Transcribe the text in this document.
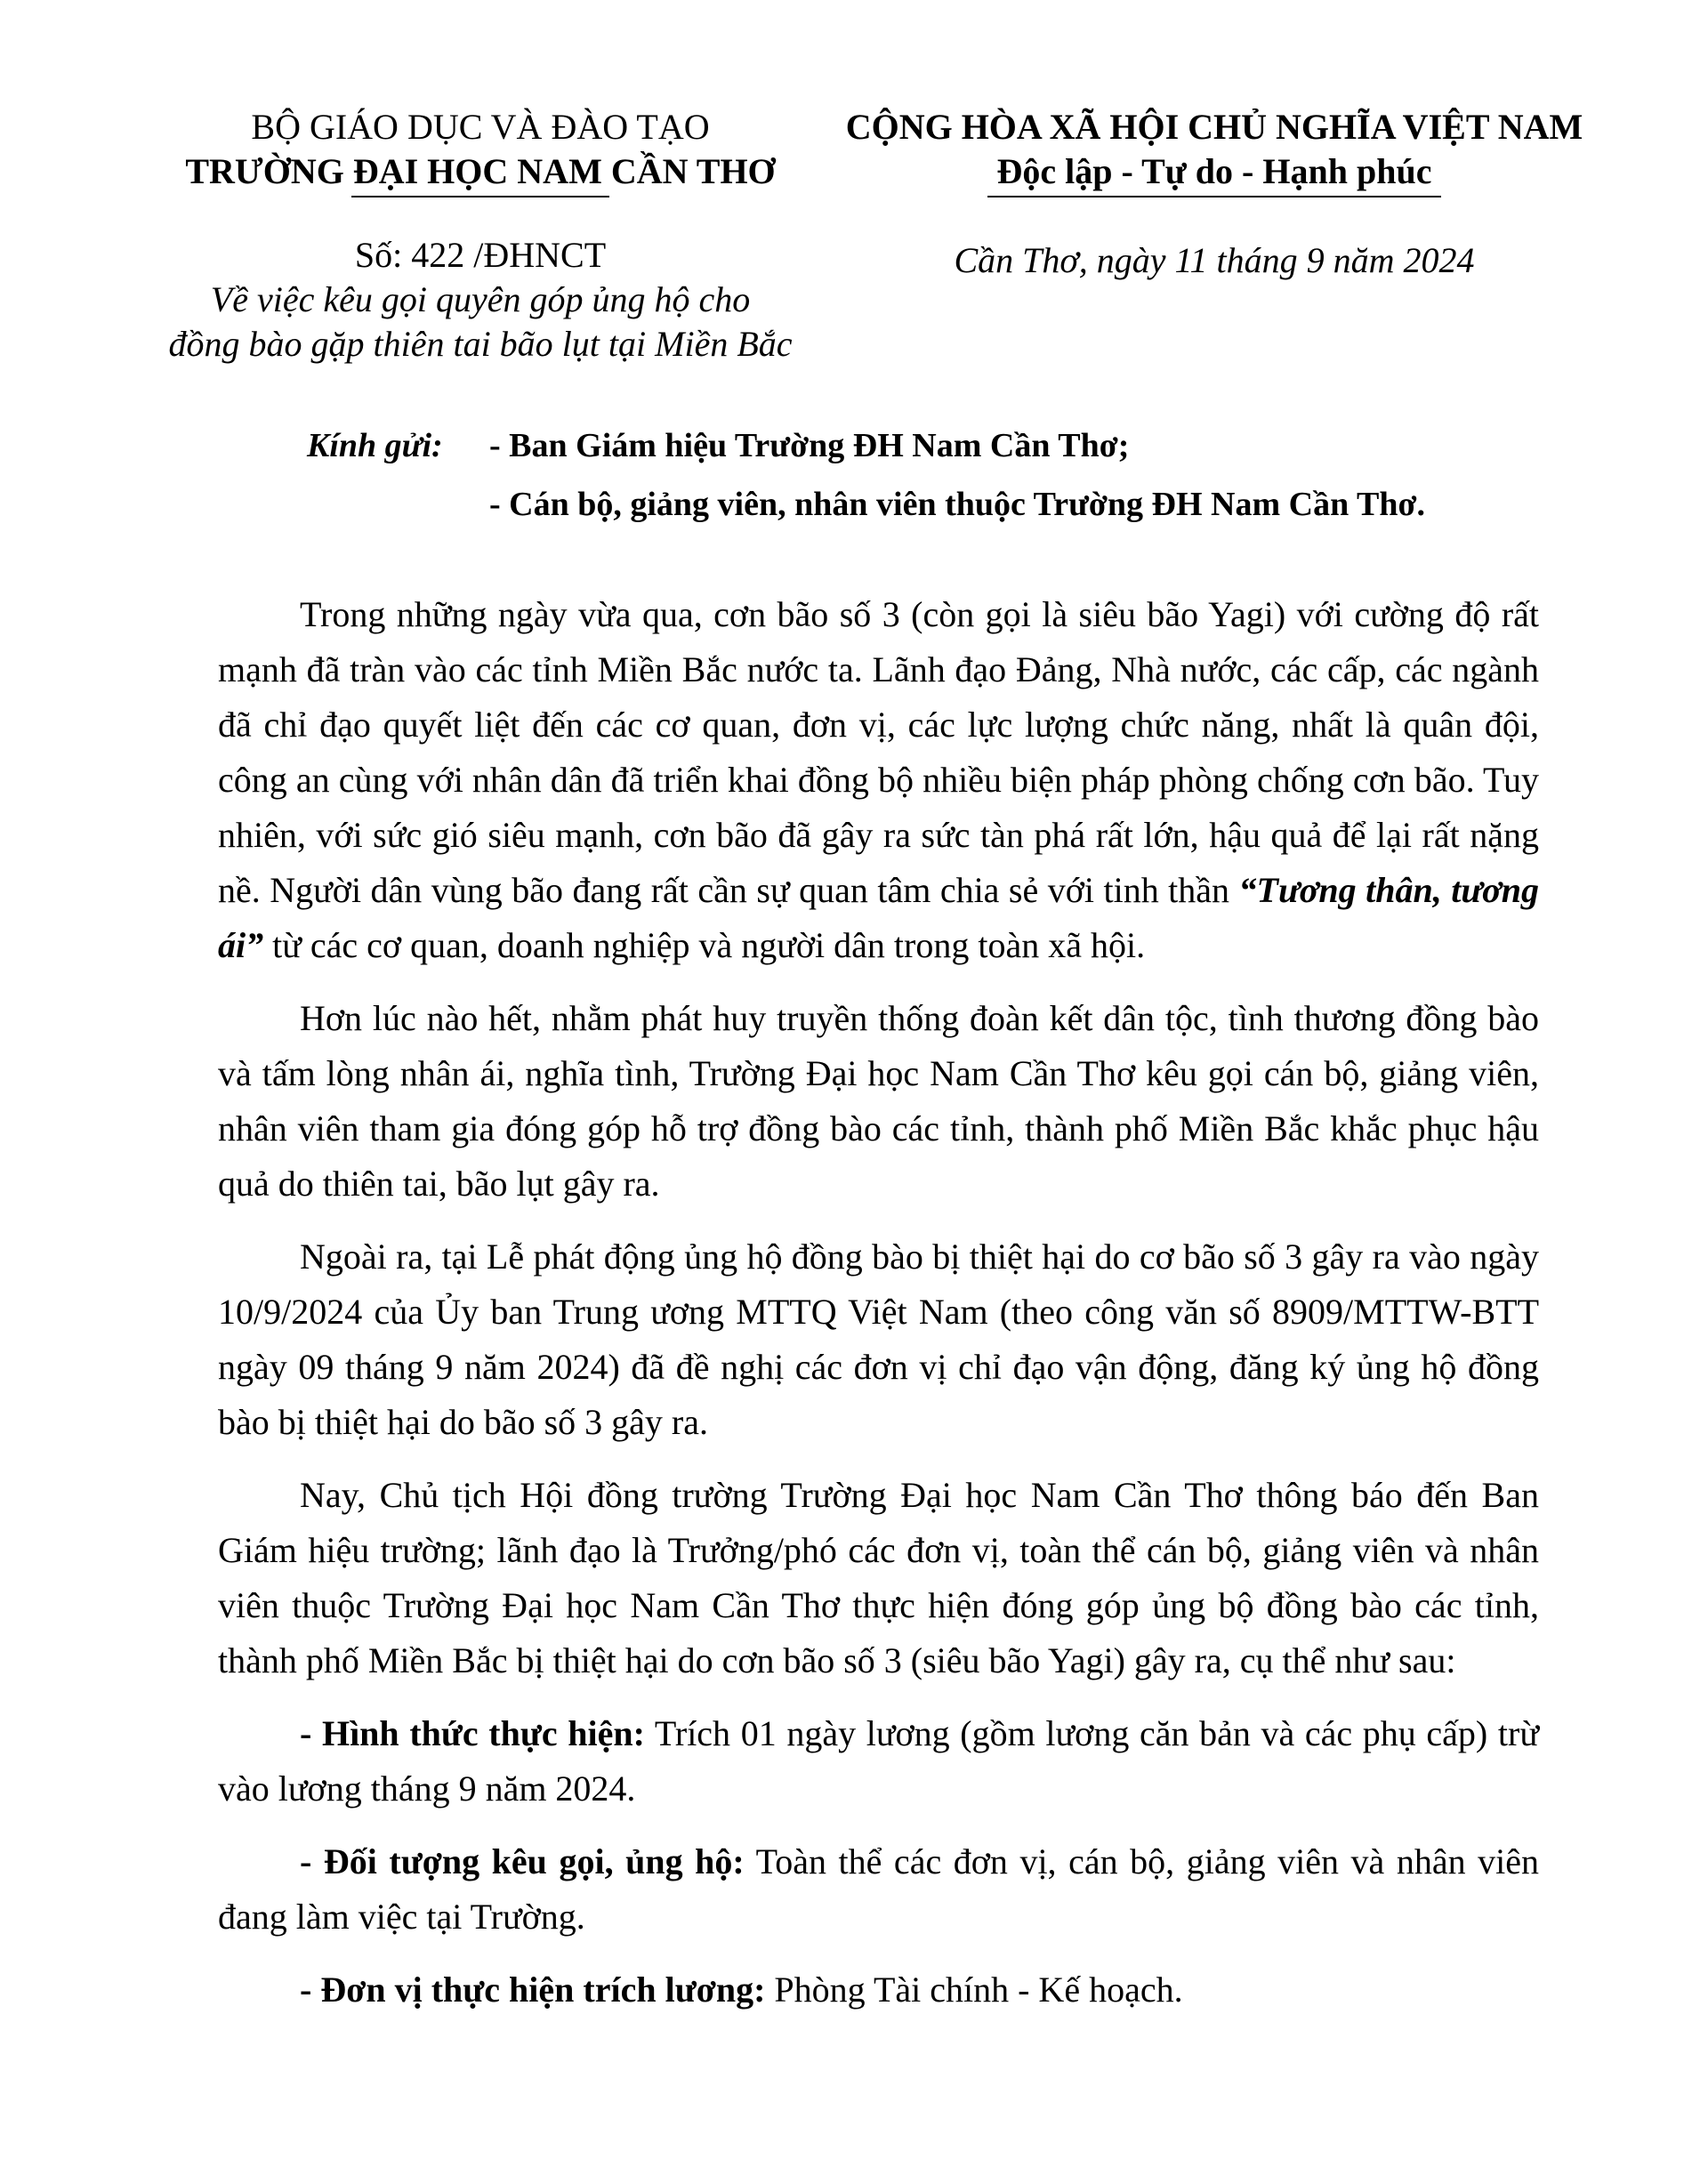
BỘ GIÁO DỤC VÀ ĐÀO TẠO
TRƯỜNG ĐẠI HỌC NAM CẦN THƠ
CỘNG HÒA XÃ HỘI CHỦ NGHĨA VIỆT NAM
Độc lập - Tự do - Hạnh phúc
Số: 422 /ĐHNCT
Về việc kêu gọi quyên góp ủng hộ cho
đồng bào gặp thiên tai bão lụt tại Miền Bắc
Cần Thơ, ngày 11 tháng 9 năm 2024
Kính gửi: - Ban Giám hiệu Trường ĐH Nam Cần Thơ;
- Cán bộ, giảng viên, nhân viên thuộc Trường ĐH Nam Cần Thơ.

Trong những ngày vừa qua, cơn bão số 3 (còn gọi là siêu bão Yagi) với cường độ rất mạnh đã tràn vào các tỉnh Miền Bắc nước ta. Lãnh đạo Đảng, Nhà nước, các cấp, các ngành đã chỉ đạo quyết liệt đến các cơ quan, đơn vị, các lực lượng chức năng, nhất là quân đội, công an cùng với nhân dân đã triển khai đồng bộ nhiều biện pháp phòng chống cơn bão. Tuy nhiên, với sức gió siêu mạnh, cơn bão đã gây ra sức tàn phá rất lớn, hậu quả để lại rất nặng nề. Người dân vùng bão đang rất cần sự quan tâm chia sẻ với tinh thần “Tương thân, tương ái” từ các cơ quan, doanh nghiệp và người dân trong toàn xã hội.

Hơn lúc nào hết, nhằm phát huy truyền thống đoàn kết dân tộc, tình thương đồng bào và tấm lòng nhân ái, nghĩa tình, Trường Đại học Nam Cần Thơ kêu gọi cán bộ, giảng viên, nhân viên tham gia đóng góp hỗ trợ đồng bào các tỉnh, thành phố Miền Bắc khắc phục hậu quả do thiên tai, bão lụt gây ra.

Ngoài ra, tại Lễ phát động ủng hộ đồng bào bị thiệt hại do cơ bão số 3 gây ra vào ngày 10/9/2024 của Ủy ban Trung ương MTTQ Việt Nam (theo công văn số 8909/MTTW-BTT ngày 09 tháng 9 năm 2024) đã đề nghị các đơn vị chỉ đạo vận động, đăng ký ủng hộ đồng bào bị thiệt hại do bão số 3 gây ra.

Nay, Chủ tịch Hội đồng trường Trường Đại học Nam Cần Thơ thông báo đến Ban Giám hiệu trường; lãnh đạo là Trưởng/phó các đơn vị, toàn thể cán bộ, giảng viên và nhân viên thuộc Trường Đại học Nam Cần Thơ thực hiện đóng góp ủng bộ đồng bào các tỉnh, thành phố Miền Bắc bị thiệt hại do cơn bão số 3 (siêu bão Yagi) gây ra, cụ thể như sau:

- Hình thức thực hiện: Trích 01 ngày lương (gồm lương căn bản và các phụ cấp) trừ vào lương tháng 9 năm 2024.

- Đối tượng kêu gọi, ủng hộ: Toàn thể các đơn vị, cán bộ, giảng viên và nhân viên đang làm việc tại Trường.

- Đơn vị thực hiện trích lương: Phòng Tài chính - Kế hoạch.
